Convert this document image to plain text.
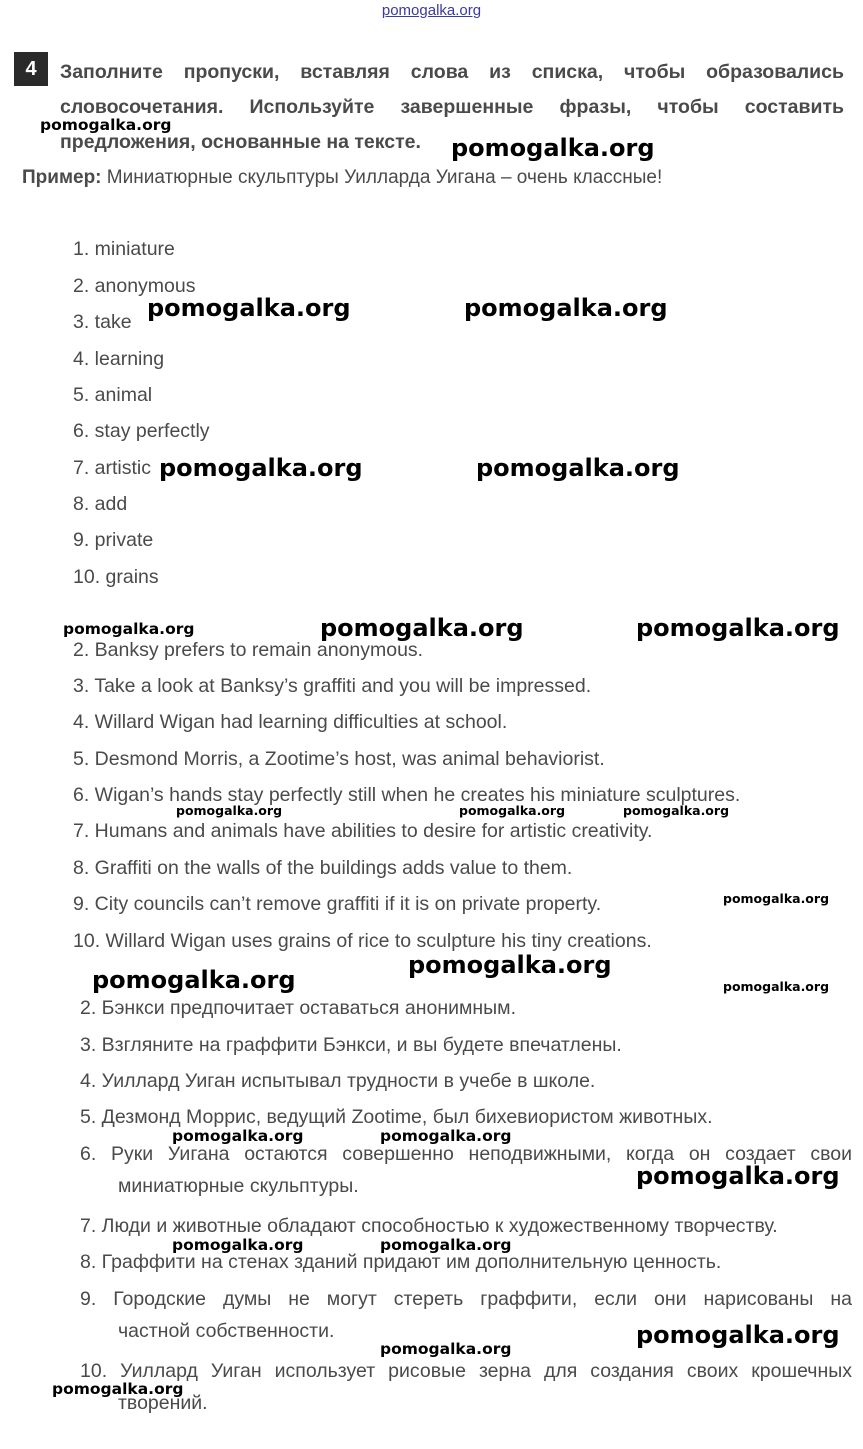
pomogalka.org
4	Заполните пропуски, вставляя слова из списка, чтобы образовались
словосочетания. Используйте завершенные фразы, чтобы составить
предложения, основанные на тексте.
Пример: Миниатюрные скульптуры Уилларда Уигана – очень классные!
1. miniature
2. anonymous
3. take
4. learning
5. animal
6. stay perfectly
7. artistic
8. add
9. private
10. grains
2. Banksy prefers to remain anonymous.
3. Take a look at Banksy’s graffiti and you will be impressed.
4. Willard Wigan had learning difficulties at school.
5. Desmond Morris, a Zootime’s host, was animal behaviorist.
6. Wigan’s hands stay perfectly still when he creates his miniature sculptures.
7. Humans and animals have abilities to desire for artistic creativity.
8. Graffiti on the walls of the buildings adds value to them.
9. City councils can’t remove graffiti if it is on private property.
10. Willard Wigan uses grains of rice to sculpture his tiny creations.
2. Бэнкси предпочитает оставаться анонимным.
3. Взгляните на граффити Бэнкси, и вы будете впечатлены.
4. Уиллард Уиган испытывал трудности в учебе в школе.
5. Дезмонд Моррис, ведущий Zootime, был бихевиористом животных.
6. Руки Уигана остаются совершенно неподвижными, когда он создает свои
миниатюрные скульптуры.
7. Люди и животные обладают способностью к художественному творчеству.
8. Граффити на стенах зданий придают им дополнительную ценность.
9. Городские думы не могут стереть граффити, если они нарисованы на
частной собственности.
10. Уиллард Уиган использует рисовые зерна для создания своих крошечных
творений.
pomogalka.org
pomogalka.org
pomogalka.org	pomogalka.org
pomogalka.org	pomogalka.org
pomogalka.org	pomogalka.org	pomogalka.org
pomogalka.org	pomogalka.org	pomogalka.org
pomogalka.org
pomogalka.org
pomogalka.org
pomogalka.org
pomogalka.org	pomogalka.org
pomogalka.org
pomogalka.org	pomogalka.org
pomogalka.org	pomogalka.org
pomogalka.org
